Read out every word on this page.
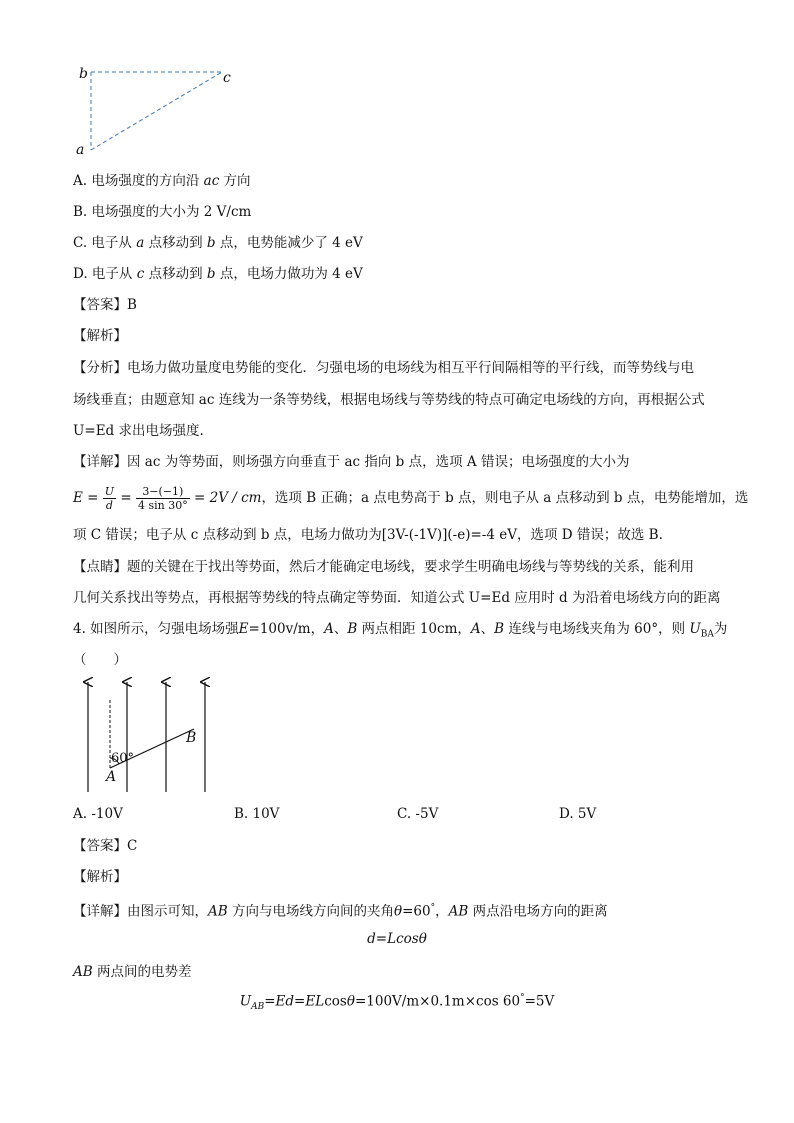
b	c
a
A. 电场强度的方向沿 ac 方向
B. 电场强度的大小为 2 V/cm
C. 电子从 a 点移动到 b 点，电势能减少了 4 eV
D. 电子从 c 点移动到 b 点，电场力做功为 4 eV
【答案】B
【解析】
【分析】电场力做功量度电势能的变化．匀强电场的电场线为相互平行间隔相等的平行线，而等势线与电
场线垂直；由题意知 ac 连线为一条等势线，根据电场线与等势线的特点可确定电场线的方向，再根据公式
U=Ed 求出电场强度.
【详解】因 ac 为等势面，则场强方向垂直于 ac 指向 b 点，选项 A 错误；电场强度的大小为
$E = \frac{U}{d} = \frac{3-(-1)}{4 \sin 30^\circ} = 2V$ / cm，选项 B 正确；a 点电势高于 b 点，则电子从 a 点移动到 b 点，电势能增加，选
项 C 错误；电子从 c 点移动到 b 点，电场力做功为[3V-(-1V)](-e)=-4 eV，选项 D 错误；故选 B.
【点睛】题的关键在于找出等势面，然后才能确定电场线，要求学生明确电场线与等势线的关系，能利用
几何关系找出等势点，再根据等势线的特点确定等势面．知道公式 U=Ed 应用时 d 为沿着电场线方向的距离
4. 如图所示，匀强电场场强E=100v/m，A、B 两点相距 10cm，A、B 连线与电场线夹角为 60°，则 $U_{BA}$为
（　　）
60°
A
B
A. -10V	B. 10V	C. -5V	D. 5V
【答案】C
【解析】
【详解】由图示可知，AB 方向与电场线方向间的夹角θ=60°，AB 两点沿电场方向的距离
d=Lcosθ
AB 两点间的电势差
$U_{AB}=Ed=ELcos\theta=100V/m\times 0.1m\times\cos$ 60°=5V
